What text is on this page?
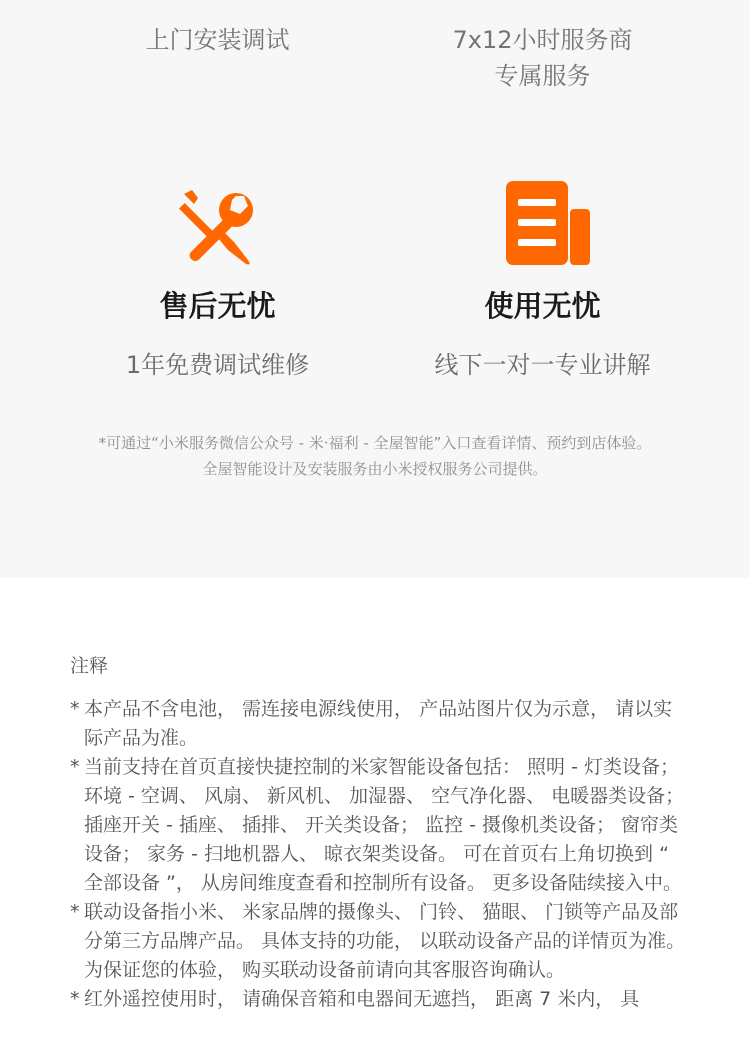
上门安装调试	7x12小时服务商
专属服务
售后无忧	使用无忧
1年免费调试维修	线下一对一专业讲解
*可通过“小米服务微信公众号 - 米·福利 - 全屋智能”入口查看详情、预约到店体验。
全屋智能设计及安装服务由小米授权服务公司提供。
注释
* 本产品不含电池， 需连接电源线使用， 产品站图片仅为示意， 请以实际产品为准。
* 当前支持在首页直接快捷控制的米家智能设备包括： 照明 - 灯类设备； 环境 - 空调、 风扇、 新风机、 加湿器、 空气净化器、 电暖器类设备； 插座开关 - 插座、 插排、 开关类设备； 监控 - 摄像机类设备； 窗帘类设备； 家务 - 扫地机器人、 晾衣架类设备。 可在首页右上角切换到 “ 全部设备 ”， 从房间维度查看和控制所有设备。 更多设备陆续接入中。
* 联动设备指小米、 米家品牌的摄像头、 门铃、 猫眼、 门锁等产品及部分第三方品牌产品。 具体支持的功能， 以联动设备产品的详情页为准。 为保证您的体验， 购买联动设备前请向其客服咨询确认。
* 红外遥控使用时， 请确保音箱和电器间无遮挡， 距离 7 米内， 具
